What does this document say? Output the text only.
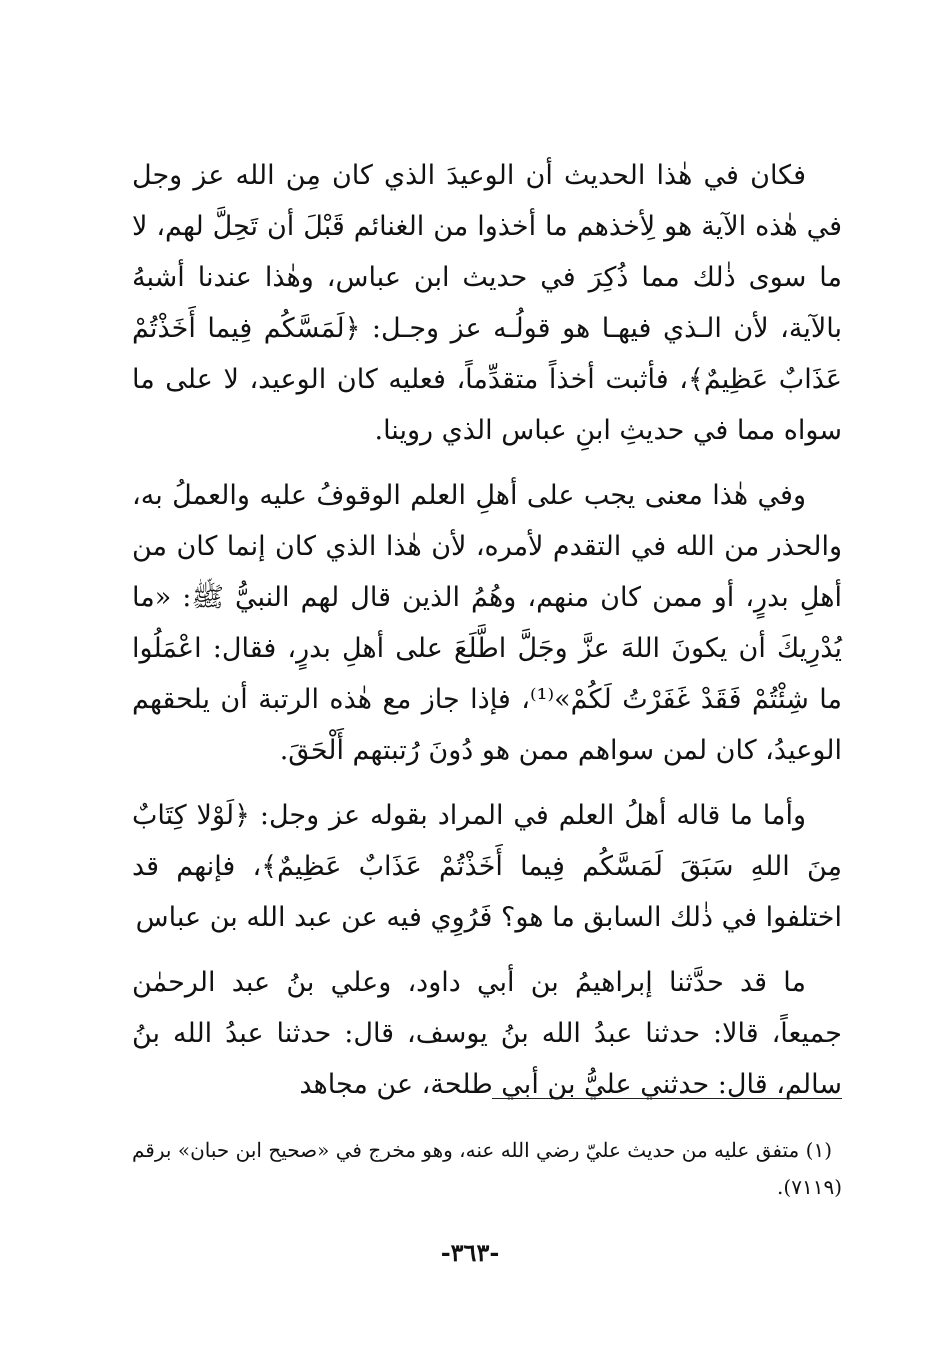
فكان في هٰذا الحديث أن الوعيدَ الذي كان مِن الله عز وجل في هٰذه الآية هو لِأخذهم ما أخذوا من الغنائم قَبْلَ أن تَحِلَّ لهم، لا ما سوى ذٰلك مما ذُكِرَ في حديث ابن عباس، وهٰذا عندنا أشبهُ بالآية، لأن الـذي فيهـا هو قولُـه عز وجـل: ﴿لَمَسَّكُم فِيما أَخَذْتُمْ عَذَابٌ عَظِيمٌ﴾، فأثبت أخذاً متقدِّماً، فعليه كان الوعيد، لا على ما سواه مما في حديثِ ابنِ عباس الذي روينا.

وفي هٰذا معنى يجب على أهلِ العلم الوقوفُ عليه والعملُ به، والحذر من الله في التقدم لأمره، لأن هٰذا الذي كان إنما كان من أهلِ بدرٍ، أو ممن كان منهم، وهُمُ الذين قال لهم النبيُّ ﷺ: «ما يُدْرِيكَ أن يكونَ اللهَ عزَّ وجَلَّ اطَّلَعَ على أهلِ بدرٍ، فقال: اعْمَلُوا ما شِئْتُمْ فَقَدْ غَفَرْتُ لَكُمْ»⁽¹⁾، فإذا جاز مع هٰذه الرتبة أن يلحقهم الوعيدُ، كان لمن سواهم ممن هو دُونَ رُتبتهم أَلْحَقَ.

وأما ما قاله أهلُ العلم في المراد بقوله عز وجل: ﴿لَوْلا كِتَابٌ مِنَ اللهِ سَبَقَ لَمَسَّكُم فِيما أَخَذْتُمْ عَذَابٌ عَظِيمٌ﴾، فإنهم قد اختلفوا في ذٰلك السابق ما هو؟ فَرُوِي فيه عن عبد الله بن عباس

ما قد حدَّثنا إبراهيمُ بن أبي داود، وعلي بنُ عبد الرحمٰن جميعاً، قالا: حدثنا عبدُ الله بنُ يوسف، قال: حدثنا عبدُ الله بنُ سالم، قال: حدثني عليُّ بن أبي طلحة، عن مجاهد

(١) متفق عليه من حديث عليّ رضي الله عنه، وهو مخرج في «صحيح ابن حبان» برقم (٧١١٩).
-٣٦٣-
